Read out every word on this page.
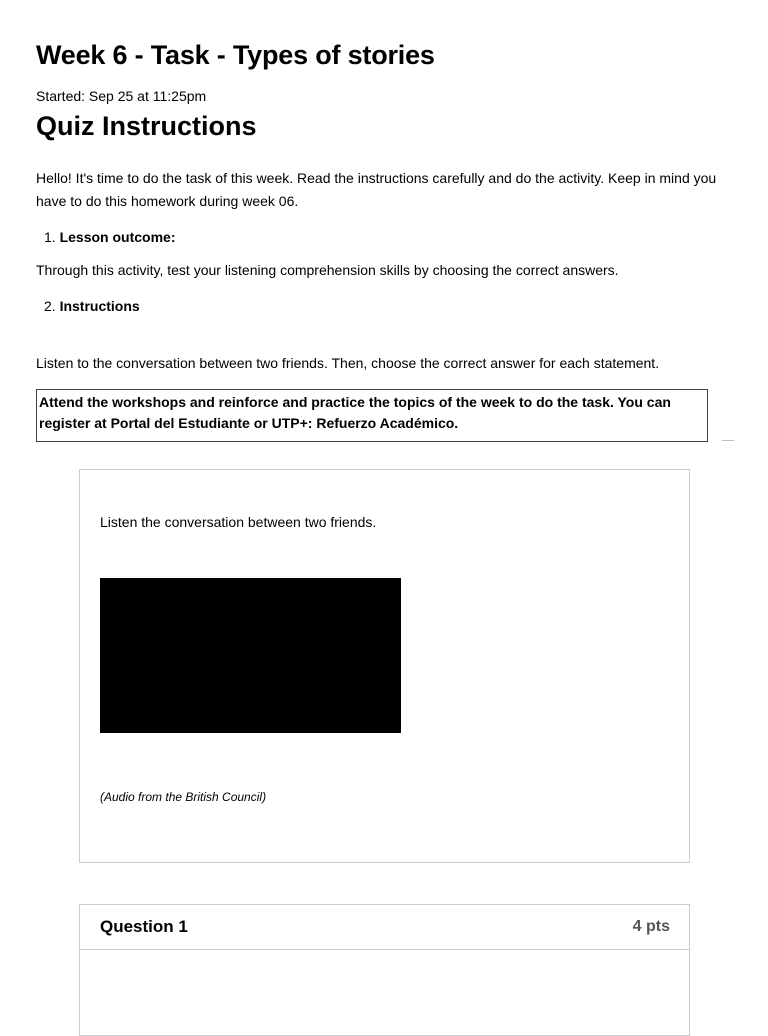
Week 6 - Task - Types of stories
Started: Sep 25 at 11:25pm
Quiz Instructions

Hello! It's time to do the task of this week. Read the instructions carefully and do the activity. Keep in mind you have to do this homework during week 06.

1. Lesson outcome:
Through this activity, test your listening comprehension skills by choosing the correct answers.
2. Instructions
Listen to the conversation between two friends. Then, choose the correct answer for each statement.
Attend the workshops and reinforce and practice the topics of the week to do the task. You can register at Portal del Estudiante or UTP+: Refuerzo Académico.
Listen the conversation between two friends.
(Audio from the British Council)
Question 1	4 pts
